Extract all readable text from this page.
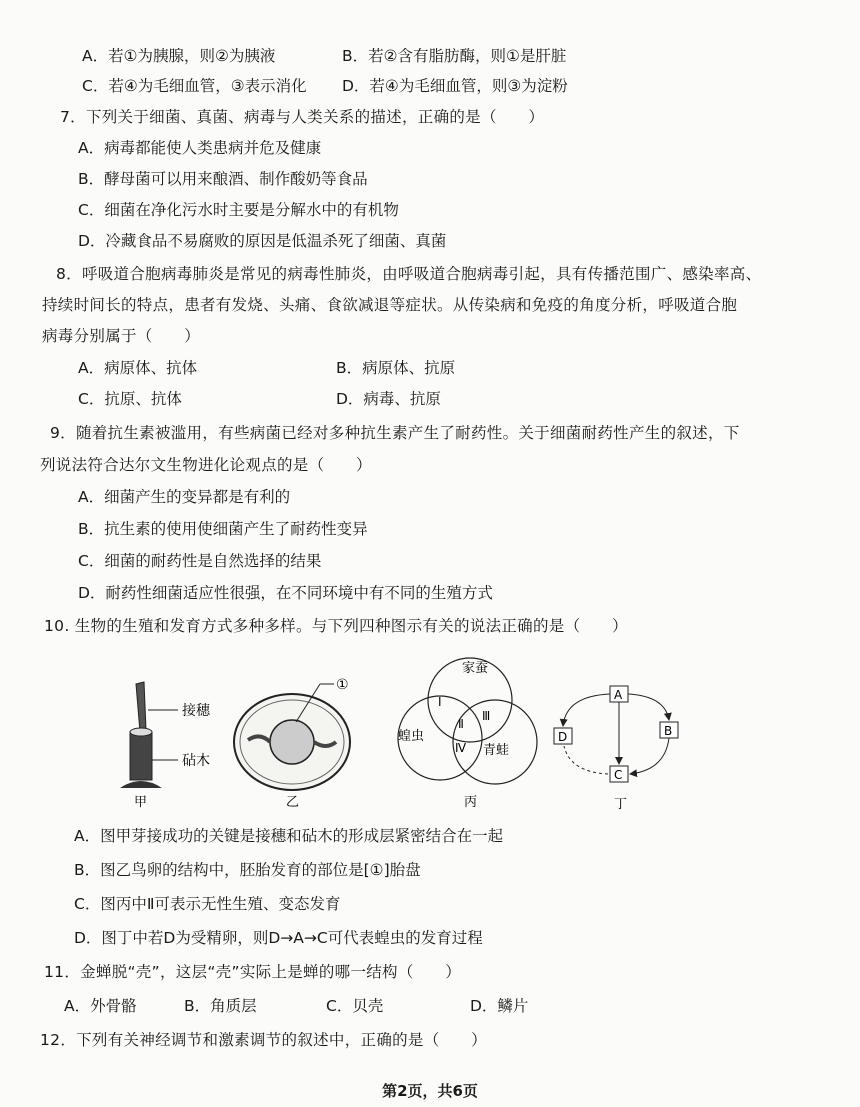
A．若①为胰腺，则②为胰液	B．若②含有脂肪酶，则①是肝脏
C．若④为毛细血管，③表示消化 D．若④为毛细血管，则③为淀粉
7．下列关于细菌、真菌、病毒与人类关系的描述，正确的是（　　）
A．病毒都能使人类患病并危及健康
B．酵母菌可以用来酿酒、制作酸奶等食品
C．细菌在净化污水时主要是分解水中的有机物
D．冷藏食品不易腐败的原因是低温杀死了细菌、真菌
8．呼吸道合胞病毒肺炎是常见的病毒性肺炎，由呼吸道合胞病毒引起，具有传播范围广、感染率高、
持续时间长的特点，患者有发烧、头痛、食欲减退等症状。从传染病和免疫的角度分析，呼吸道合胞
病毒分别属于（　　）
A．病原体、抗体	B．病原体、抗原
C．抗原、抗体	D．病毒、抗原
9．随着抗生素被滥用，有些病菌已经对多种抗生素产生了耐药性。关于细菌耐药性产生的叙述，下
列说法符合达尔文生物进化论观点的是（　　）
A．细菌产生的变异都是有利的
B．抗生素的使用使细菌产生了耐药性变异
C．细菌的耐药性是自然选择的结果
D．耐药性细菌适应性很强，在不同环境中有不同的生殖方式
10. 生物的生殖和发育方式多种多样。与下列四种图示有关的说法正确的是（　　）
接穗
砧木
甲
①
乙
家蚕
蝗虫
青蛙
Ⅰ
Ⅱ
Ⅲ
Ⅳ
丙
A
B
C
D
丁
A．图甲芽接成功的关键是接穗和砧木的形成层紧密结合在一起
B．图乙鸟卵的结构中，胚胎发育的部位是[①]胎盘
C．图丙中Ⅱ可表示无性生殖、变态发育
D．图丁中若D为受精卵，则D→A→C可代表蝗虫的发育过程
11．金蝉脱“壳”，这层“壳”实际上是蝉的哪一结构（　　）
A．外骨骼	B．角质层	C．贝壳	D．鳞片
12．下列有关神经调节和激素调节的叙述中，正确的是（　　）
第2页，共6页
